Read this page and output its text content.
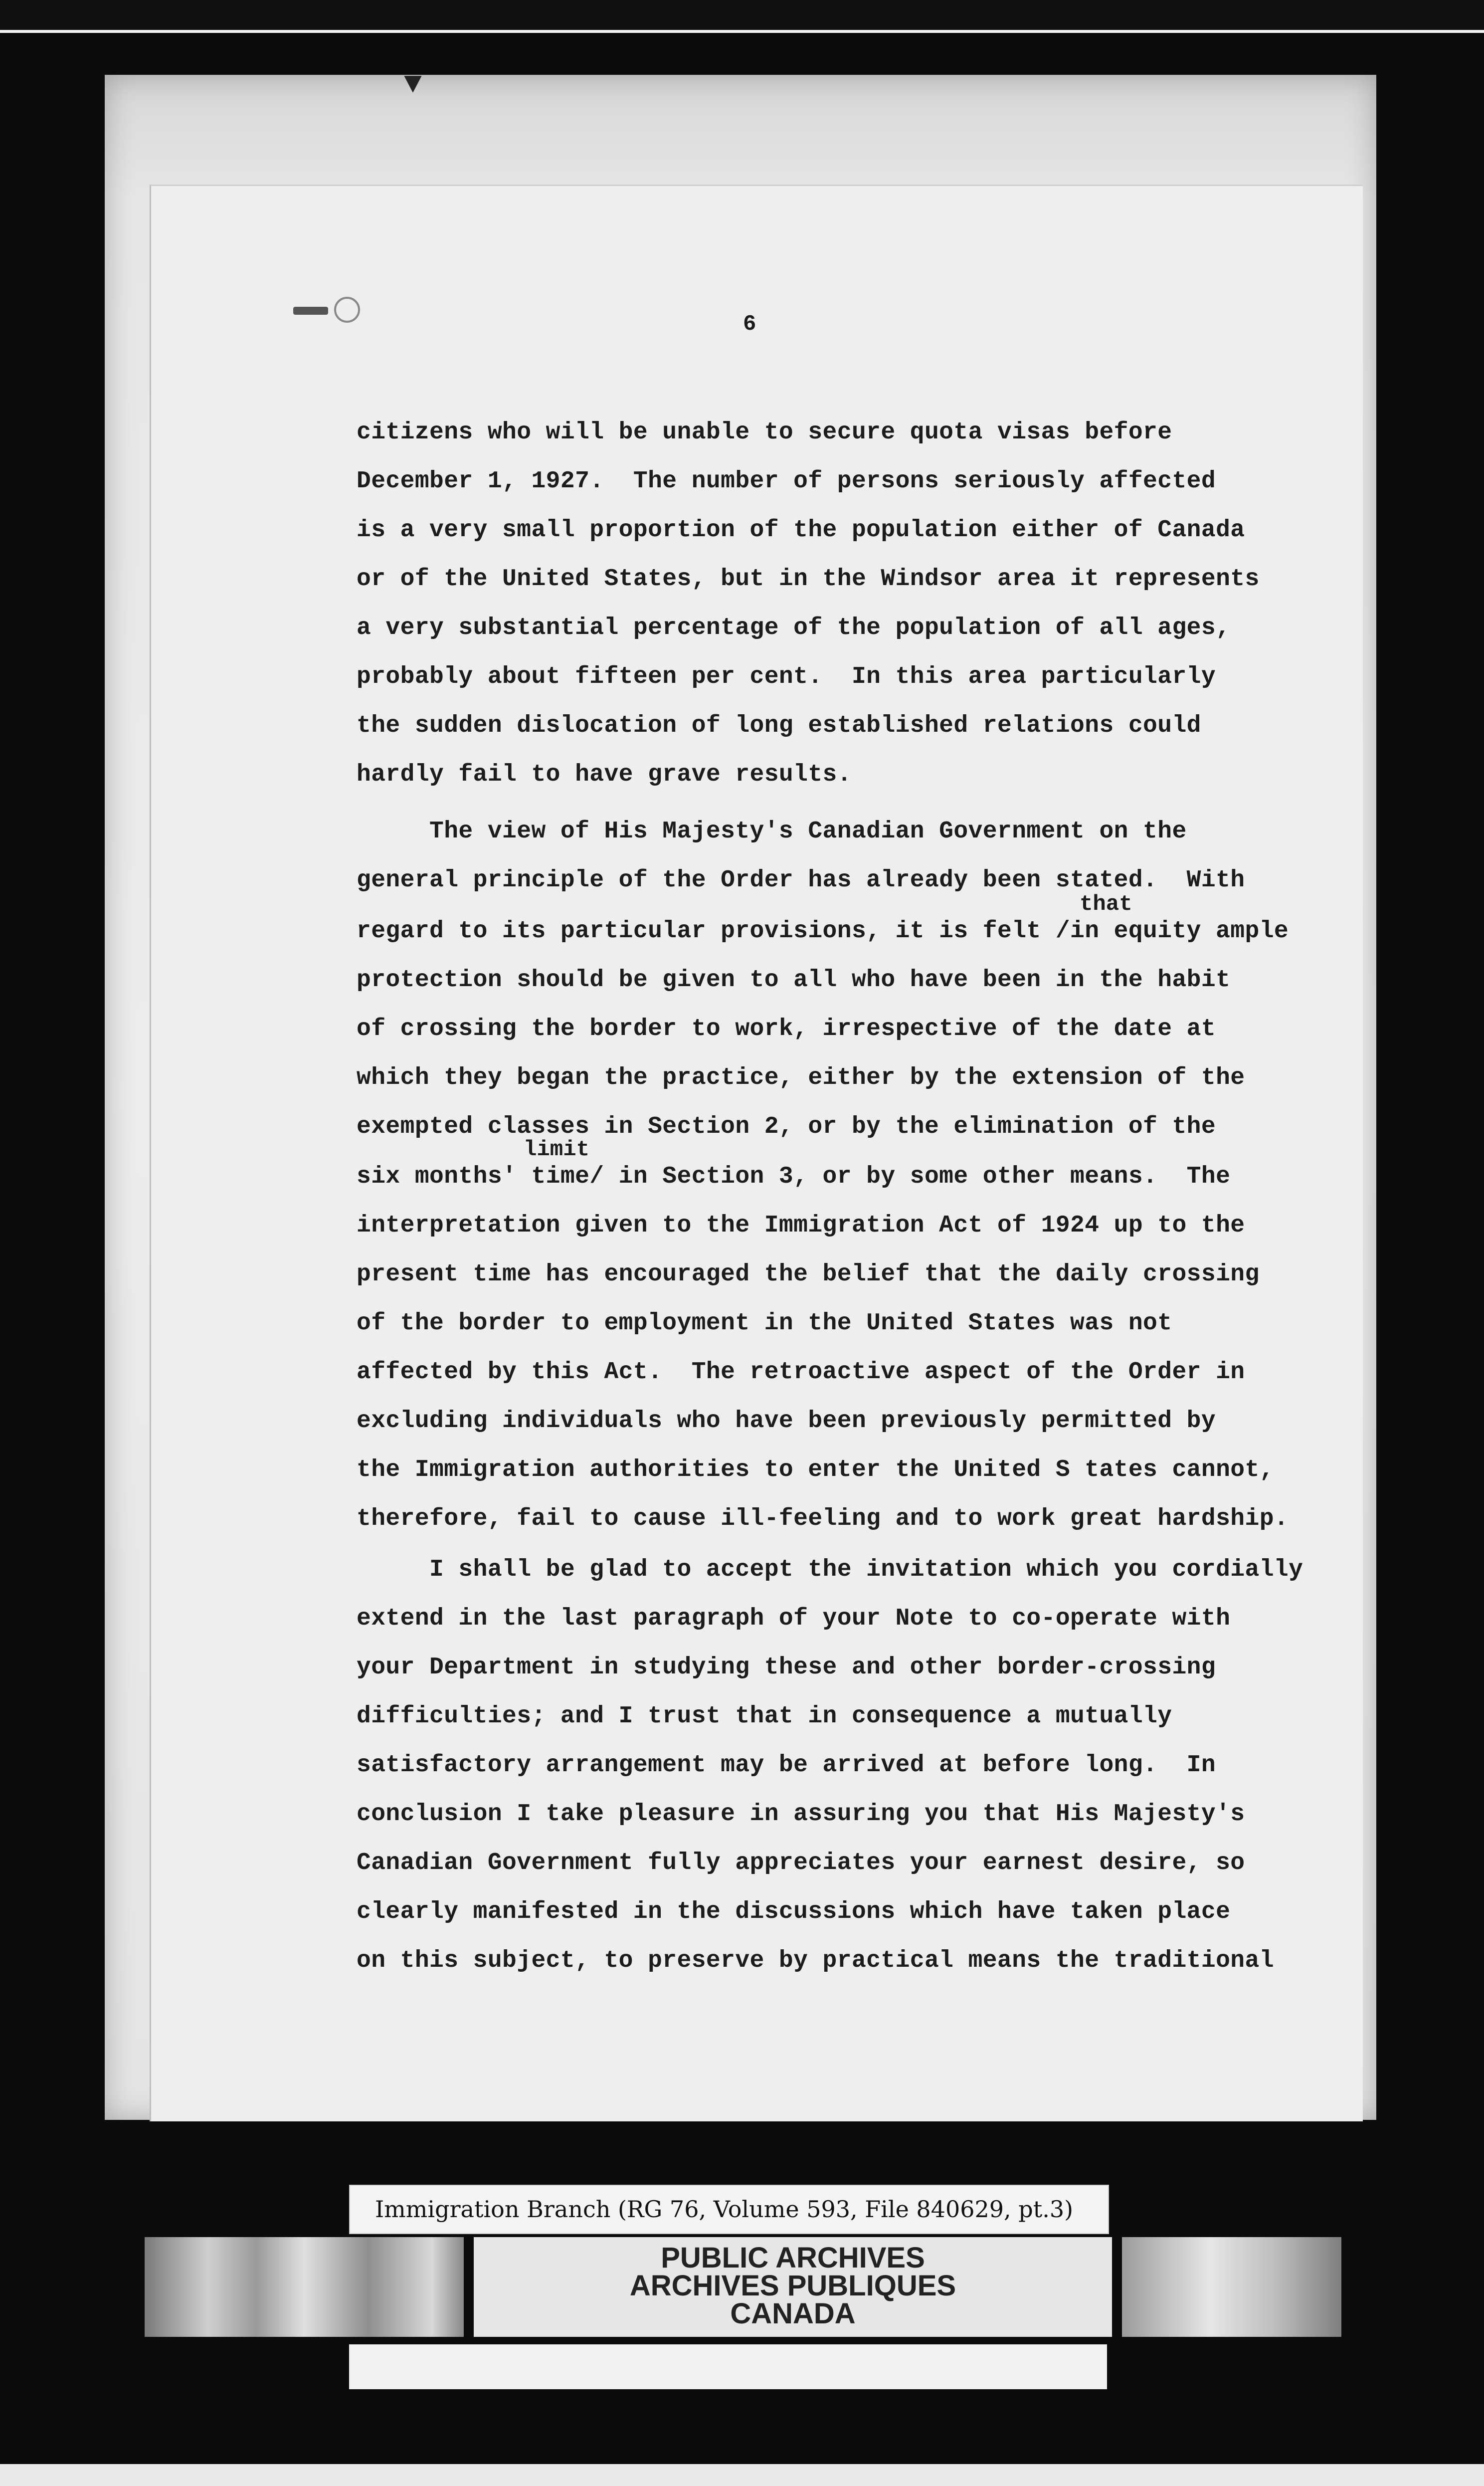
▼
6
citizens who will be unable to secure quota visas before
December 1, 1927.  The number of persons seriously affected
is a very small proportion of the population either of Canada
or of the United States, but in the Windsor area it represents
a very substantial percentage of the population of all ages,
probably about fifteen per cent.  In this area particularly
the sudden dislocation of long established relations could
hardly fail to have grave results.
The view of His Majesty's Canadian Government on the
general principle of the Order has already been stated.  With
that
regard to its particular provisions, it is felt /in equity ample
protection should be given to all who have been in the habit
of crossing the border to work, irrespective of the date at
which they began the practice, either by the extension of the
exempted classes in Section 2, or by the elimination of the
limit
six months' time/ in Section 3, or by some other means.  The
interpretation given to the Immigration Act of 1924 up to the
present time has encouraged the belief that the daily crossing
of the border to employment in the United States was not
affected by this Act.  The retroactive aspect of the Order in
excluding individuals who have been previously permitted by
the Immigration authorities to enter the United S tates cannot,
therefore, fail to cause ill-feeling and to work great hardship.
I shall be glad to accept the invitation which you cordially
extend in the last paragraph of your Note to co-operate with
your Department in studying these and other border-crossing
difficulties; and I trust that in consequence a mutually
satisfactory arrangement may be arrived at before long.  In
conclusion I take pleasure in assuring you that His Majesty's
Canadian Government fully appreciates your earnest desire, so
clearly manifested in the discussions which have taken place
on this subject, to preserve by practical means the traditional
Immigration Branch (RG 76, Volume 593, File 840629, pt.3)
PUBLIC ARCHIVES
ARCHIVES PUBLIQUES
CANADA
